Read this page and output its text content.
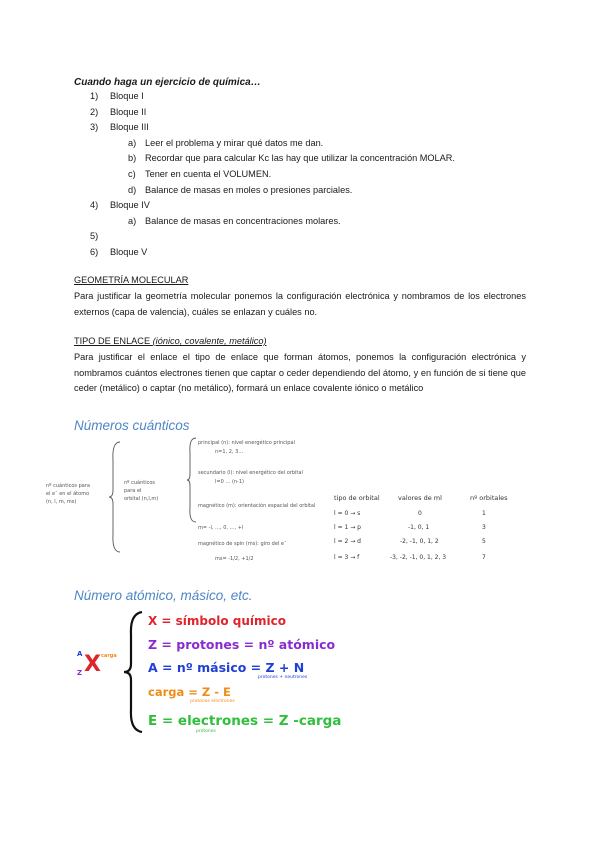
Cuando haga un ejercicio de química…
1) Bloque I
2) Bloque II
3) Bloque III
a) Leer el problema y mirar qué datos me dan.
b) Recordar que para calcular Kc las hay que utilizar la concentración MOLAR.
c) Tener en cuenta el VOLUMEN.
d) Balance de masas en moles o presiones parciales.
4) Bloque IV
a) Balance de masas en concentraciones molares.
5)
6) Bloque V
GEOMETRÍA MOLECULAR
Para justificar la geometría molecular ponemos la configuración electrónica y nombramos de los electrones externos (capa de valencia), cuáles se enlazan y cuáles no.
TIPO DE ENLACE (iónico, covalente, metálico)
Para justificar el enlace el tipo de enlace que forman átomos, ponemos la configuración electrónica y nombramos cuántos electrones tienen que captar o ceder dependiendo del átomo, y en función de si tiene que ceder (metálico) o captar (no metálico), formará un enlace covalente iónico o metálico
Números cuánticos
nº cuánticos para
el eˉ en el átomo
(n, l, m, ms)
nº cuánticos
para el
orbital (n,l,m)
principal (n): nivel energético principal
n=1, 2, 3…
secundario (l): nivel energético del orbital
l=0 … (n-1)
magnético (m): orientación espacial del orbital
m= -l, …, 0, …, +l
magnético de spin (ms): giro del eˉ
ms= -1/2, +1/2
tipo de orbital	valores de ml	nº orbitales
l = 0 → s	0	1
l = 1 → p	-1, 0, 1	3
l = 2 → d	-2, -1, 0, 1, 2	5
l = 3 → f	-3, -2, -1, 0, 1, 2, 3	7
Número atómico, másico, etc.
A
Z X carga
X = símbolo químico
Z = protones = nº atómico
A = nº másico = Z + N
protones + neutrones
carga = Z - E
protones electrones
E = electrones = Z -carga
protones
